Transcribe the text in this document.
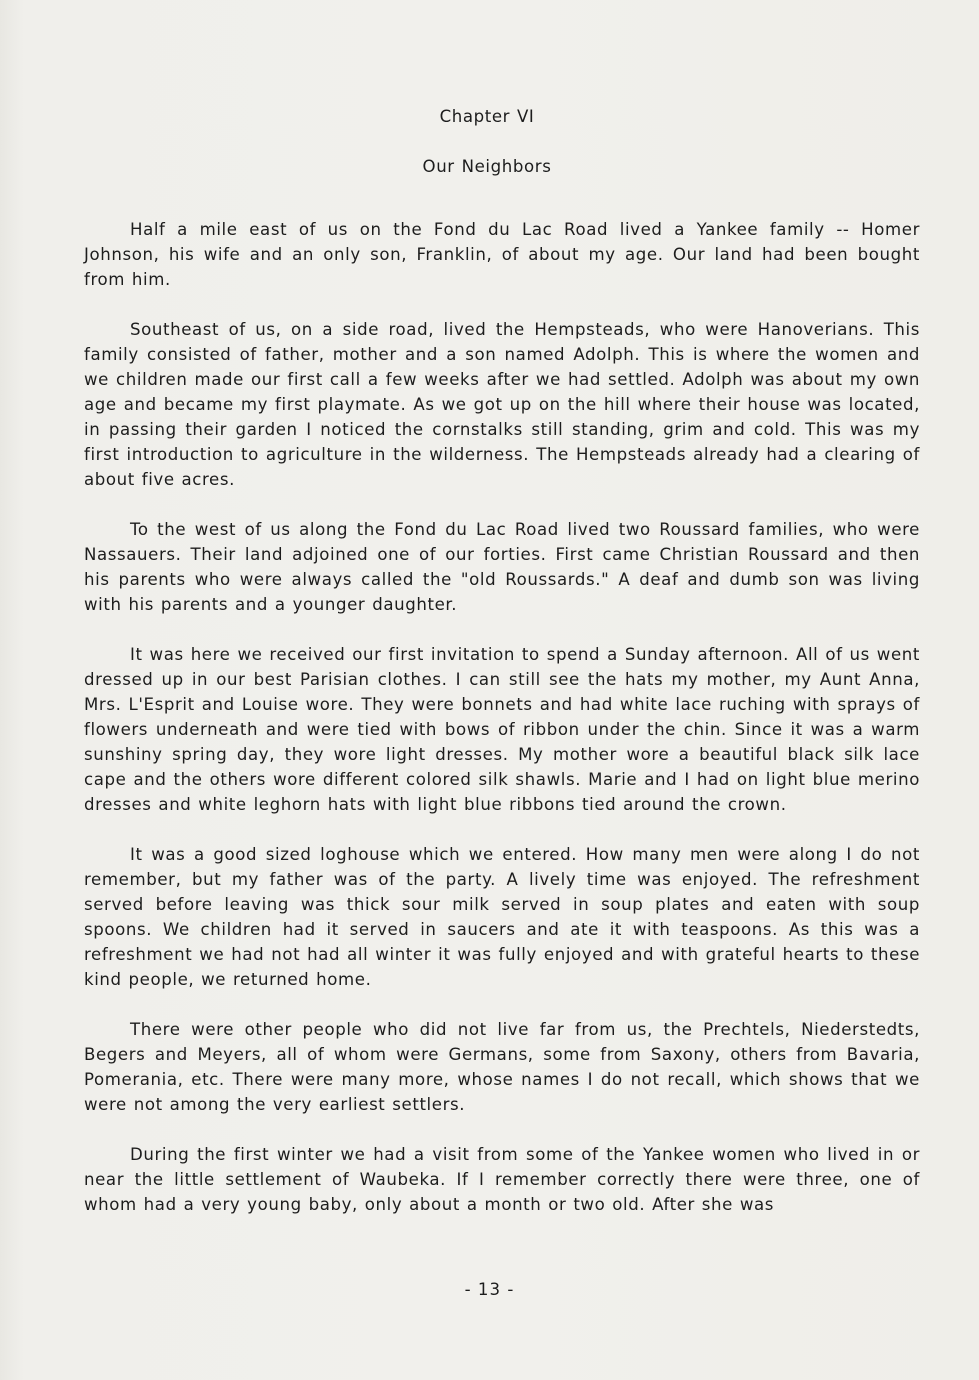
Chapter VI
Our Neighbors

Half a mile east of us on the Fond du Lac Road lived a Yankee family -- Homer Johnson, his wife and an only son, Franklin, of about my age. Our land had been bought from him.

Southeast of us, on a side road, lived the Hempsteads, who were Hanoverians. This family consisted of father, mother and a son named Adolph. This is where the women and we children made our first call a few weeks after we had settled. Adolph was about my own age and became my first playmate. As we got up on the hill where their house was located, in passing their garden I noticed the cornstalks still standing, grim and cold. This was my first introduction to agriculture in the wilderness. The Hempsteads already had a clearing of about five acres.

To the west of us along the Fond du Lac Road lived two Roussard families, who were Nassauers. Their land adjoined one of our forties. First came Christian Roussard and then his parents who were always called the "old Roussards." A deaf and dumb son was living with his parents and a younger daughter.

It was here we received our first invitation to spend a Sunday afternoon. All of us went dressed up in our best Parisian clothes. I can still see the hats my mother, my Aunt Anna, Mrs. L'Esprit and Louise wore. They were bonnets and had white lace ruching with sprays of flowers underneath and were tied with bows of ribbon under the chin. Since it was a warm sunshiny spring day, they wore light dresses. My mother wore a beautiful black silk lace cape and the others wore different colored silk shawls. Marie and I had on light blue merino dresses and white leghorn hats with light blue ribbons tied around the crown.

It was a good sized loghouse which we entered. How many men were along I do not remember, but my father was of the party. A lively time was enjoyed. The refreshment served before leaving was thick sour milk served in soup plates and eaten with soup spoons. We children had it served in saucers and ate it with teaspoons. As this was a refreshment we had not had all winter it was fully enjoyed and with grateful hearts to these kind people, we returned home.

There were other people who did not live far from us, the Prechtels, Niederstedts, Begers and Meyers, all of whom were Germans, some from Saxony, others from Bavaria, Pomerania, etc. There were many more, whose names I do not recall, which shows that we were not among the very earliest settlers.

During the first winter we had a visit from some of the Yankee women who lived in or near the little settlement of Waubeka. If I remember correctly there were three, one of whom had a very young baby, only about a month or two old. After she was

- 13 -
